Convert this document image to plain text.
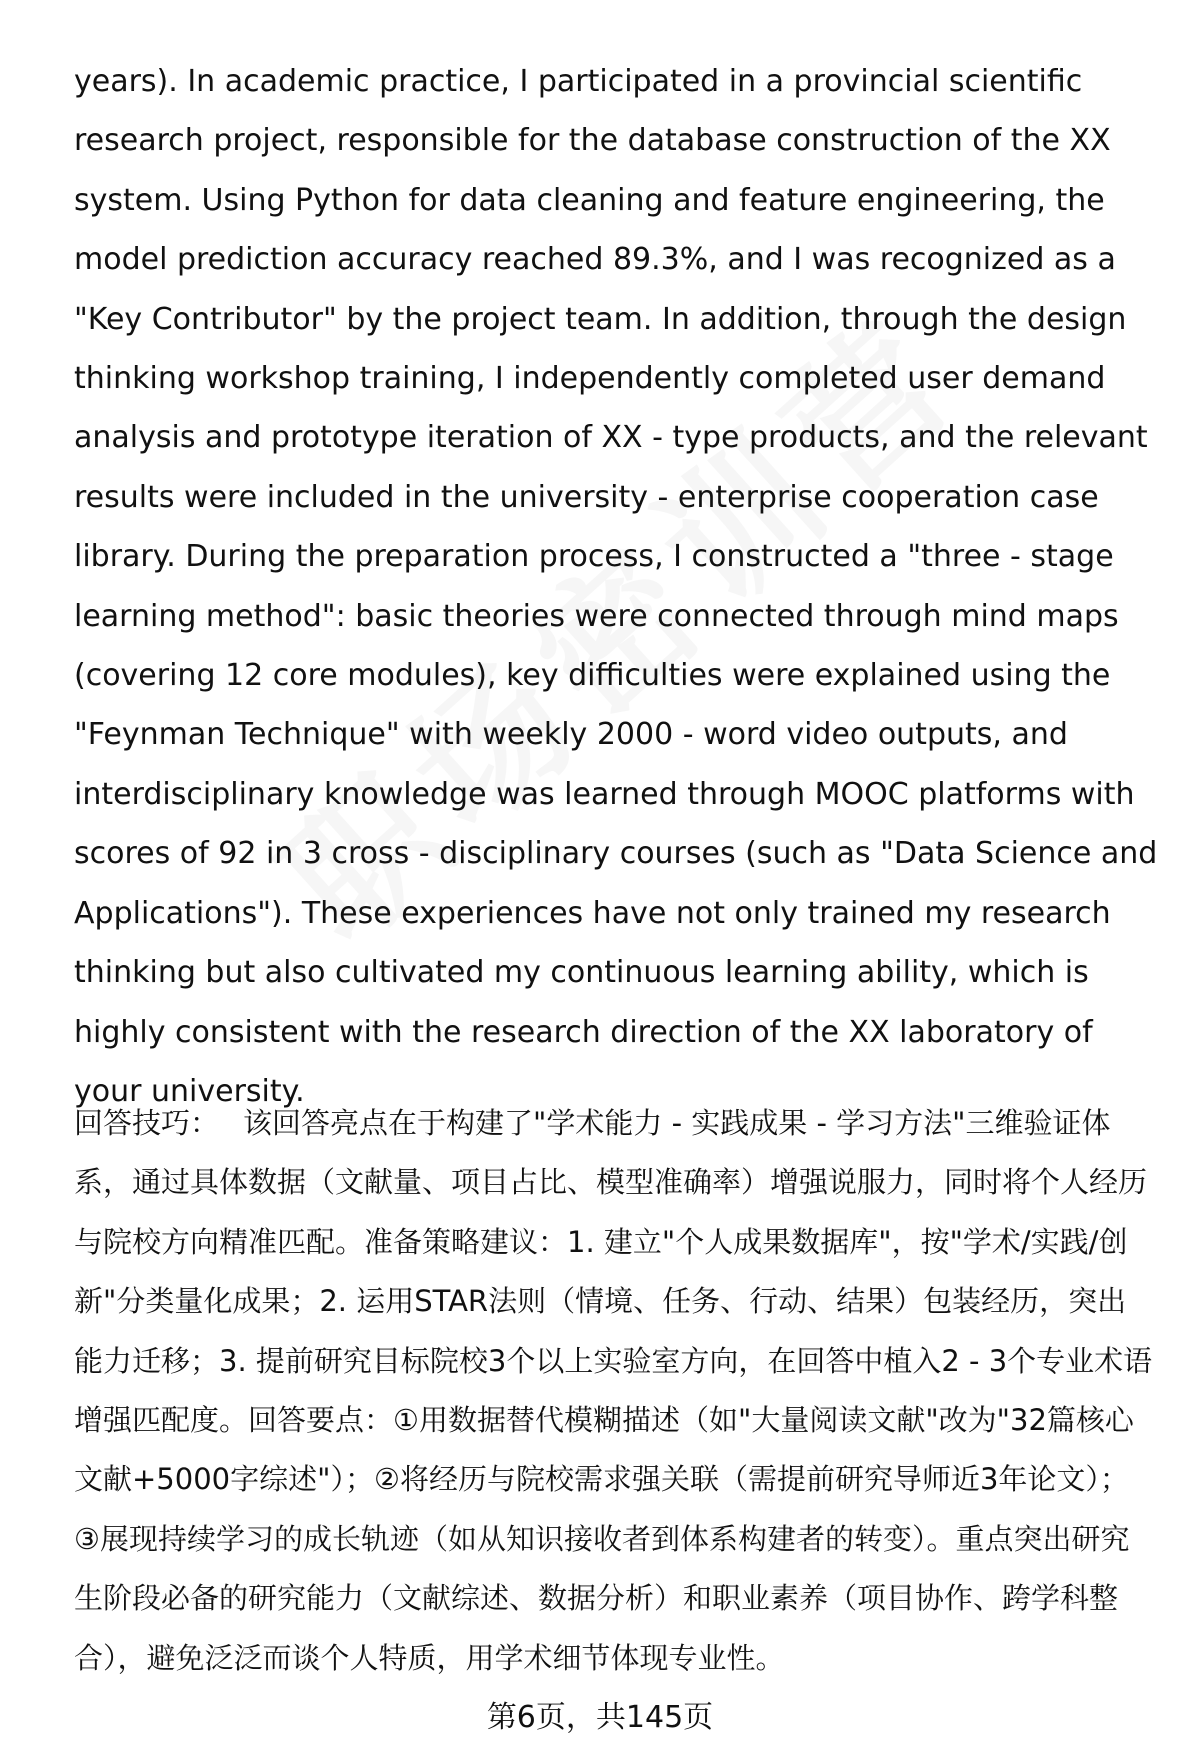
years). In academic practice, I participated in a provincial scientific research project, responsible for the database construction of the XX system. Using Python for data cleaning and feature engineering, the model prediction accuracy reached 89.3%, and I was recognized as a "Key Contributor" by the project team. In addition, through the design thinking workshop training, I independently completed user demand analysis and prototype iteration of XX - type products, and the relevant results were included in the university - enterprise cooperation case library. During the preparation process, I constructed a "three - stage learning method": basic theories were connected through mind maps (covering 12 core modules), key difficulties were explained using the "Feynman Technique" with weekly 2000 - word video outputs, and interdisciplinary knowledge was learned through MOOC platforms with scores of 92 in 3 cross - disciplinary courses (such as "Data Science and Applications"). These experiences have not only trained my research thinking but also cultivated my continuous learning ability, which is highly consistent with the research direction of the XX laboratory of your university.

回答技巧： 该回答亮点在于构建了"学术能力 - 实践成果 - 学习方法"三维验证体系，通过具体数据（文献量、项目占比、模型准确率）增强说服力，同时将个人经历与院校方向精准匹配。准备策略建议：1. 建立"个人成果数据库"，按"学术/实践/创新"分类量化成果；2. 运用STAR法则（情境、任务、行动、结果）包装经历，突出能力迁移；3. 提前研究目标院校3个以上实验室方向，在回答中植入2 - 3个专业术语增强匹配度。回答要点：①用数据替代模糊描述（如"大量阅读文献"改为"32篇核心文献+5000字综述"）；②将经历与院校需求强关联（需提前研究导师近3年论文）；③展现持续学习的成长轨迹（如从知识接收者到体系构建者的转变）。重点突出研究生阶段必备的研究能力（文献综述、数据分析）和职业素养（项目协作、跨学科整合），避免泛泛而谈个人特质，用学术细节体现专业性。

第6页，共145页
